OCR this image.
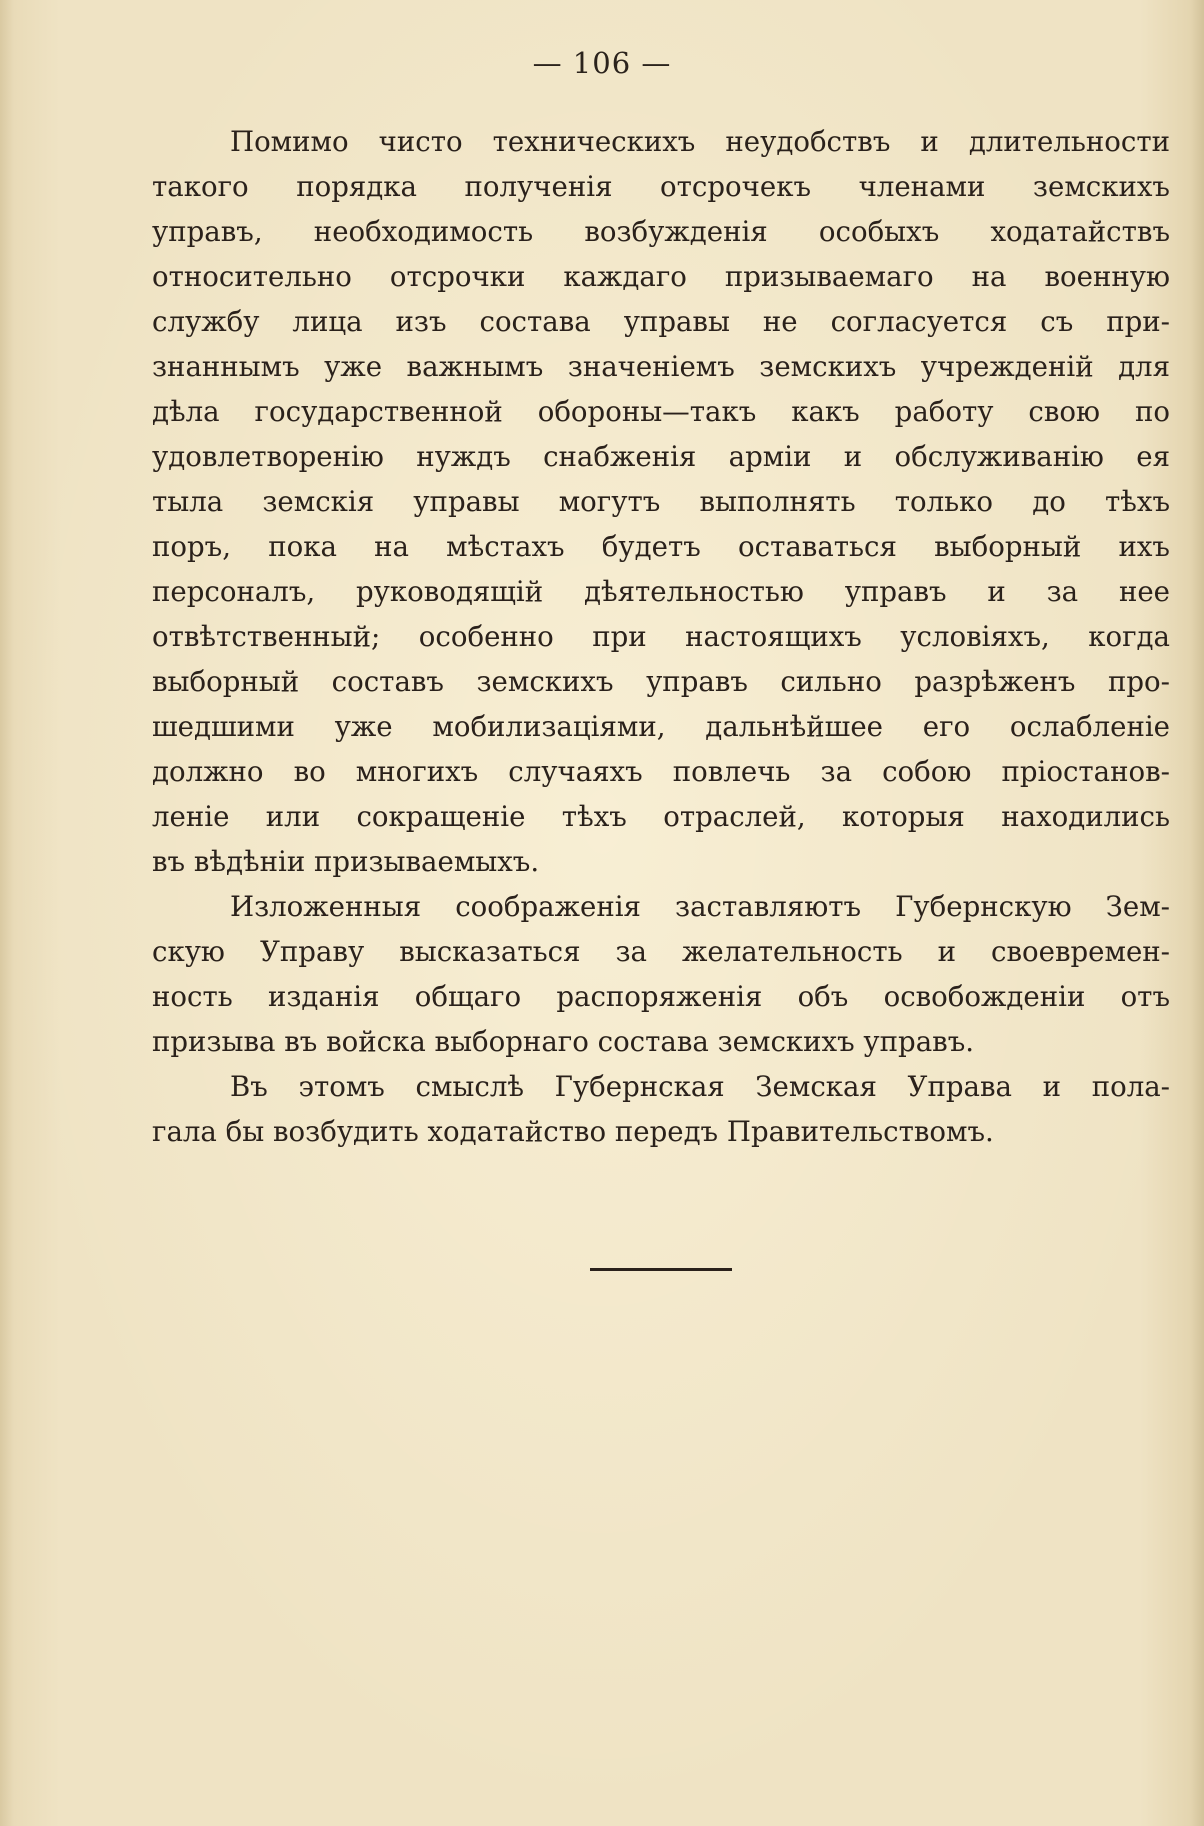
— 106 —
Помимо чисто техническихъ неудобствъ и длительности
такого порядка полученія отсрочекъ членами земскихъ
управъ, необходимость возбужденія особыхъ ходатайствъ
относительно отсрочки каждаго призываемаго на военную
службу лица изъ состава управы не согласуется съ при-
знаннымъ уже важнымъ значеніемъ земскихъ учрежденій для
дѣла государственной обороны—такъ какъ работу свою по
удовлетворенію нуждъ снабженія арміи и обслуживанію ея
тыла земскія управы могутъ выполнять только до тѣхъ
поръ, пока на мѣстахъ будетъ оставаться выборный ихъ
персоналъ, руководящій дѣятельностью управъ и за нее
отвѣтственный; особенно при настоящихъ условіяхъ, когда
выборный составъ земскихъ управъ сильно разрѣженъ про-
шедшими уже мобилизаціями, дальнѣйшее его ослабленіе
должно во многихъ случаяхъ повлечь за собою пріостанов-
леніе или сокращеніе тѣхъ отраслей, которыя находились
въ вѣдѣніи призываемыхъ.
Изложенныя соображенія заставляютъ Губернскую Зем-
скую Управу высказаться за желательность и своевремен-
ность изданія общаго распоряженія объ освобожденіи отъ
призыва въ войска выборнаго состава земскихъ управъ.
Въ этомъ смыслѣ Губернская Земская Управа и пола-
гала бы возбудить ходатайство передъ Правительствомъ.
